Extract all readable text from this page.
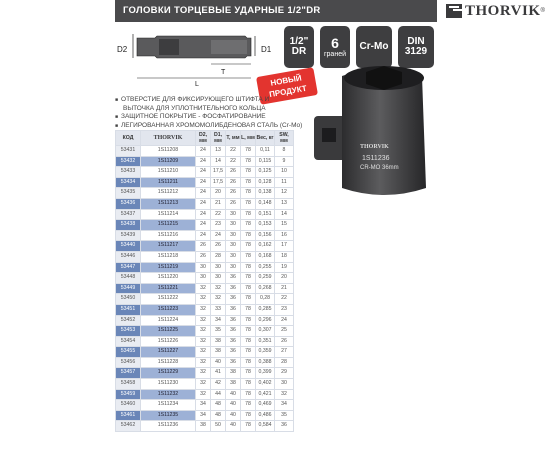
ГОЛОВКИ ТОРЦЕВЫЕ УДАРНЫЕ 1/2"DR	THORVIK ®
D2	D1
T
L
1/2"
DR
6
граней
Cr-Mo DIN
3129
НОВЫЙ
ПРОДУКТ
■ ОТВЕРСТИЕ ДЛЯ ФИКСИРУЮЩЕГО ШТИФТА И
ВЫТОЧКА ДЛЯ УПЛОТНИТЕЛЬНОГО КОЛЬЦА
■ ЗАЩИТНОЕ ПОКРЫТИЕ - ФОСФАТИРОВАНИЕ
■ ЛЕГИРОВАННАЯ ХРОМОМОЛИБДЕНОВАЯ СТАЛЬ (Cr-Mo)
THORVIK
1S11236
CR-MO 36mm
КОД	THORVIK	D2, мм	D1, мм	T, мм	L, мм	Вес, кг	SW, мм
53431	1S11208	24	13	22	78	0,11	8
53432	1S11209	24	14	22	78	0,115	9
53433	1S11210	24	17,5	26	78	0,125	10
53434	1S11211	24	17,5	26	78	0,128	11
53435	1S11212	24	20	26	78	0,138	12
53436	1S11213	24	21	26	78	0,148	13
53437	1S11214	24	22	30	78	0,151	14
53438	1S11215	24	23	30	78	0,153	15
53439	1S11216	24	24	30	78	0,156	16
53440	1S11217	26	26	30	78	0,162	17
53446	1S11218	26	28	30	78	0,168	18
53447	1S11219	30	30	30	78	0,255	19
53448	1S11220	30	30	36	78	0,259	20
53449	1S11221	32	32	36	78	0,268	21
53450	1S11222	32	32	36	78	0,28	22
53451	1S11223	32	33	36	78	0,285	23
53452	1S11224	32	34	36	78	0,296	24
53453	1S11225	32	35	36	78	0,307	25
53454	1S11226	32	38	36	78	0,351	26
53455	1S11227	32	38	36	78	0,359	27
53456	1S11228	32	40	36	78	0,388	28
53457	1S11229	32	41	38	78	0,399	29
53458	1S11230	32	42	38	78	0,402	30
53459	1S11232	32	44	40	78	0,421	32
53460	1S11234	34	48	40	78	0,469	34
53461	1S11235	34	48	40	78	0,486	35
53462	1S11236	38	50	40	78	0,584	36
